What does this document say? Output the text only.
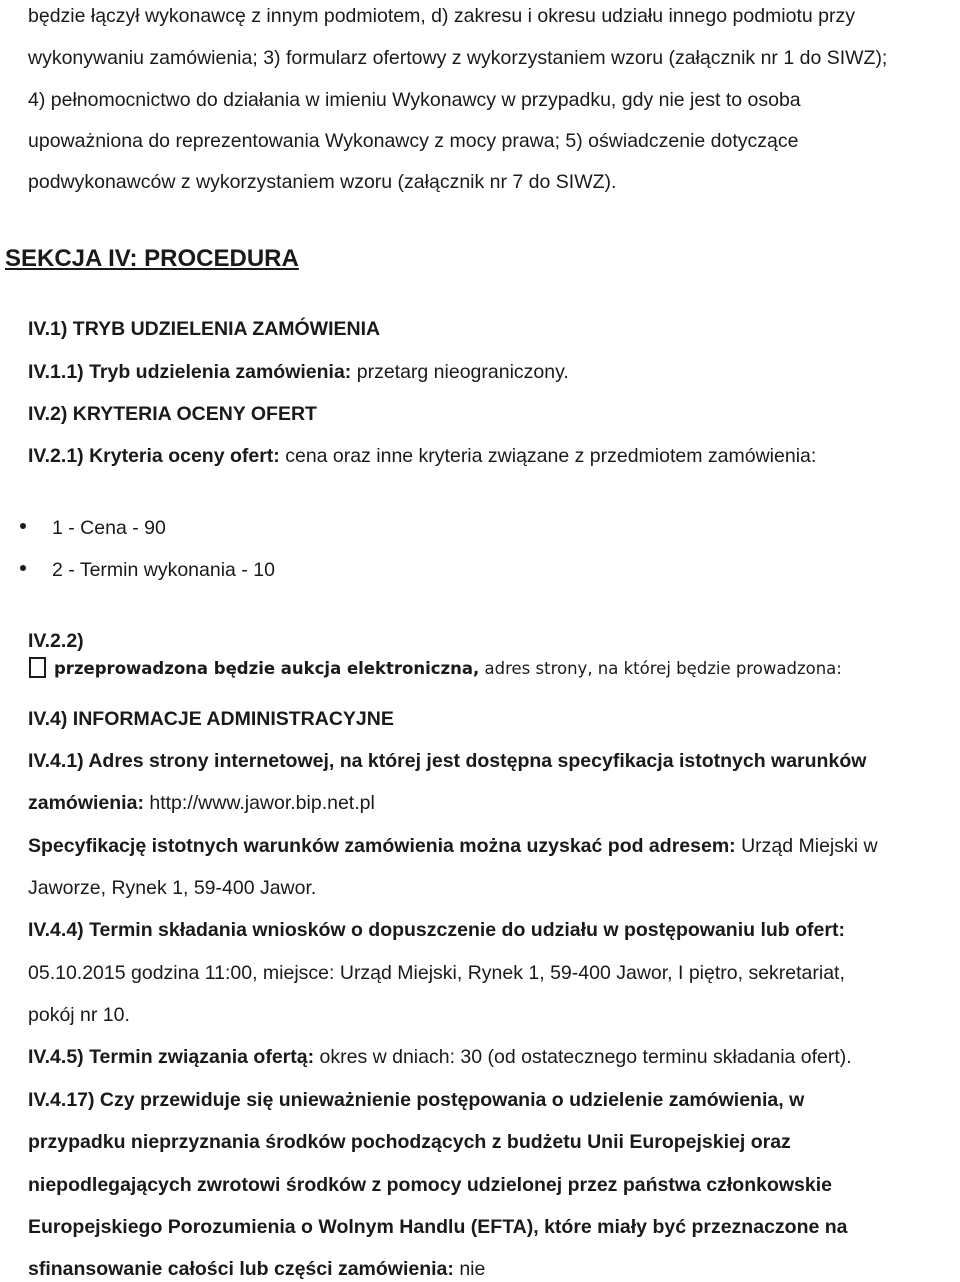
będzie łączył wykonawcę z innym podmiotem, d) zakresu i okresu udziału innego podmiotu przy

wykonywaniu zamówienia; 3) formularz ofertowy z wykorzystaniem wzoru (załącznik nr 1 do SIWZ);

4) pełnomocnictwo do działania w imieniu Wykonawcy w przypadku, gdy nie jest to osoba

upoważniona do reprezentowania Wykonawcy z mocy prawa; 5) oświadczenie dotyczące

podwykonawców z wykorzystaniem wzoru (załącznik nr 7 do SIWZ).

SEKCJA IV: PROCEDURA

IV.1) TRYB UDZIELENIA ZAMÓWIENIA

IV.1.1) Tryb udzielenia zamówienia: przetarg nieograniczony.

IV.2) KRYTERIA OCENY OFERT

IV.2.1) Kryteria oceny ofert: cena oraz inne kryteria związane z przedmiotem zamówienia:

1 - Cena - 90

2 - Termin wykonania - 10

IV.2.2)

przeprowadzona będzie aukcja elektroniczna, adres strony, na której będzie prowadzona:

IV.4) INFORMACJE ADMINISTRACYJNE

IV.4.1) Adres strony internetowej, na której jest dostępna specyfikacja istotnych warunków

zamówienia: http://www.jawor.bip.net.pl

Specyfikację istotnych warunków zamówienia można uzyskać pod adresem: Urząd Miejski w

Jaworze, Rynek 1, 59-400 Jawor.

IV.4.4) Termin składania wniosków o dopuszczenie do udziału w postępowaniu lub ofert:

05.10.2015 godzina 11:00, miejsce: Urząd Miejski, Rynek 1, 59-400 Jawor, I piętro, sekretariat,

pokój nr 10.

IV.4.5) Termin związania ofertą: okres w dniach: 30 (od ostatecznego terminu składania ofert).

IV.4.17) Czy przewiduje się unieważnienie postępowania o udzielenie zamówienia, w

przypadku nieprzyznania środków pochodzących z budżetu Unii Europejskiej oraz

niepodlegających zwrotowi środków z pomocy udzielonej przez państwa członkowskie

Europejskiego Porozumienia o Wolnym Handlu (EFTA), które miały być przeznaczone na

sfinansowanie całości lub części zamówienia: nie
